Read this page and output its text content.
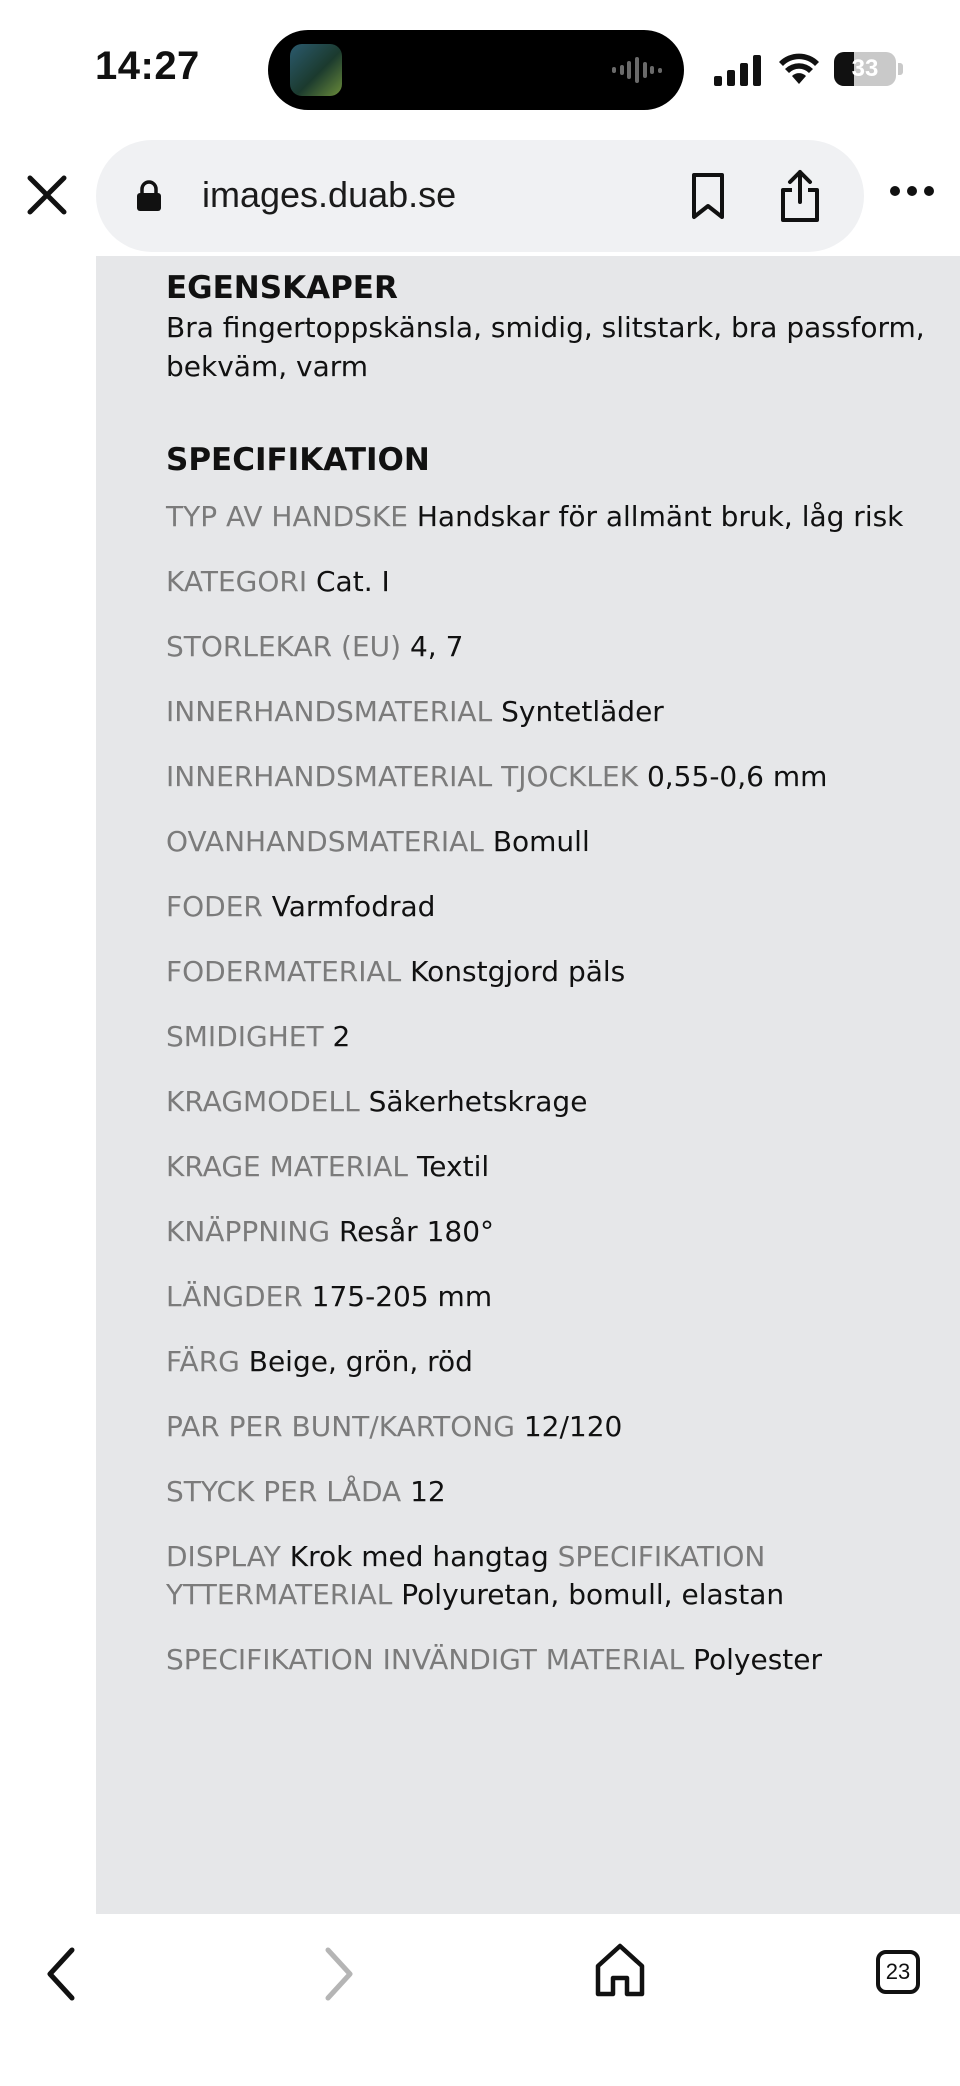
14:27	33
images.duab.se
EGENSKAPER
Bra fingertoppskänsla, smidig, slitstark, bra passform, bekväm, varm
SPECIFIKATION
TYP AV HANDSKE Handskar för allmänt bruk, låg risk
KATEGORI Cat. I
STORLEKAR (EU) 4, 7
INNERHANDSMATERIAL Syntetläder
INNERHANDSMATERIAL TJOCKLEK 0,55-0,6 mm
OVANHANDSMATERIAL Bomull
FODER Varmfodrad
FODERMATERIAL Konstgjord päls
SMIDIGHET 2
KRAGMODELL Säkerhetskrage
KRAGE MATERIAL Textil
KNÄPPNING Resår 180°
LÄNGDER 175-205 mm
FÄRG Beige, grön, röd
PAR PER BUNT/KARTONG 12/120
STYCK PER LÅDA 12
DISPLAY Krok med hangtag SPECIFIKATION YTTERMATERIAL Polyuretan, bomull, elastan
SPECIFIKATION INVÄNDIGT MATERIAL Polyester
23
